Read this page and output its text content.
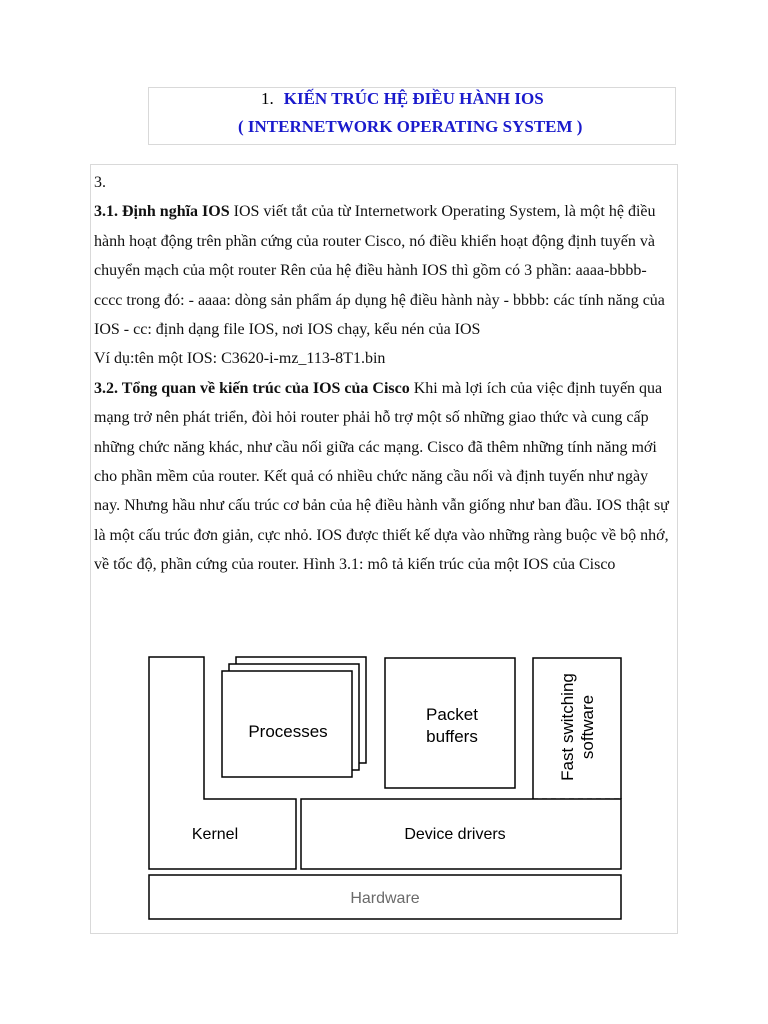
1. KIẾN TRÚC HỆ ĐIỀU HÀNH IOS
( INTERNETWORK OPERATING SYSTEM )

3.

3.1. Định nghĩa IOS IOS viết tắt của từ Internetwork Operating System, là một hệ điều hành hoạt động trên phần cứng của router Cisco, nó điều khiển hoạt động định tuyến và chuyển mạch của một router Rên của hệ điều hành IOS thì gồm có 3 phần: aaaa-bbbb-cccc trong đó: - aaaa: dòng sản phẩm áp dụng hệ điều hành này - bbbb: các tính năng của IOS - cc: định dạng file IOS, nơi IOS chạy, kểu nén của IOS

Ví dụ:tên một IOS: C3620-i-mz_113-8T1.bin

3.2. Tổng quan về kiến trúc của IOS của Cisco Khi mà lợi ích của việc định tuyến qua mạng trở nên phát triển, đòi hỏi router phải hỗ trợ một số những giao thức và cung cấp những chức năng khác, như cầu nối giữa các mạng. Cisco đã thêm những tính năng mới cho phần mềm của router. Kết quả có nhiều chức năng cầu nối và định tuyến như ngày nay. Nhưng hầu như cấu trúc cơ bản của hệ điều hành vẫn giống như ban đầu. IOS thật sự là một cấu trúc đơn giản, cực nhỏ. IOS được thiết kế dựa vào những ràng buộc về bộ nhớ, về tốc độ, phần cứng của router. Hình 3.1: mô tả kiến trúc của một IOS của Cisco

Processes
Packet
buffers	Fast switching software
Kernel	Device drivers
Hardware
